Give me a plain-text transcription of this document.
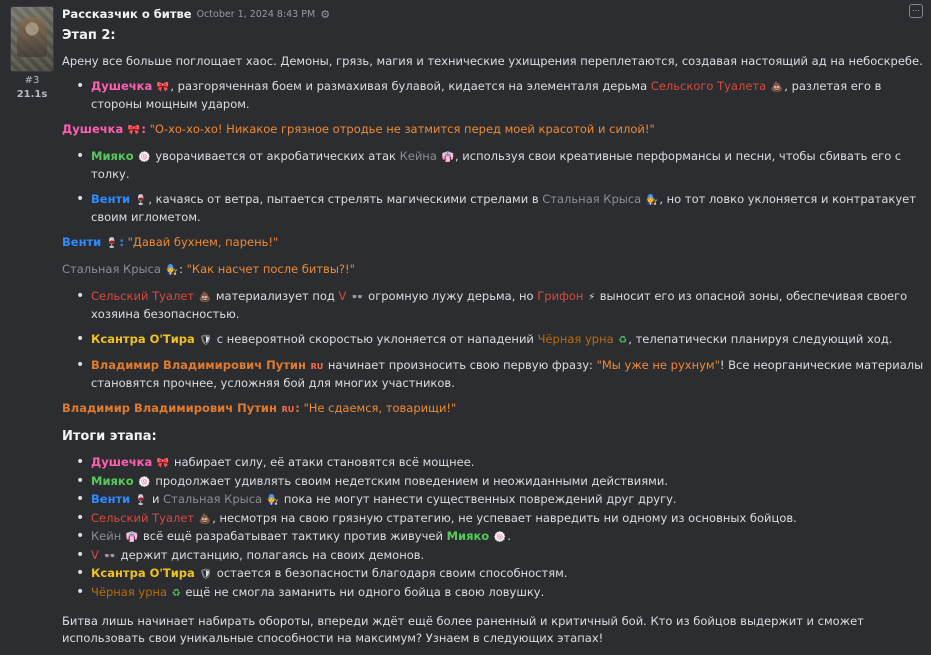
#3
21.1s
Рассказчик о битве October 1, 2024 8:43 PM ⚙	⋯
Этап 2:

Арену все больше поглощает хаос. Демоны, грязь, магия и технические ухищрения переплетаются, создавая настоящий ад на небоскребе.

• Душечка 🎀, разгоряченная боем и размахивая булавой, кидается на элементаля дерьма Сельского Туалета 💩, разлетая его в стороны мощным ударом.

Душечка 🎀: "О-хо-хо-хо! Никакое грязное отродье не затмится перед моей красотой и силой!"

• Мияко 🍥 уворачивается от акробатических атак Кейна 👘, используя свои креативные перформансы и песни, чтобы сбивать его с толку.
• Венти 🍷, качаясь от ветра, пытается стрелять магическими стрелами в Стальная Крыса 🧑‍🔧, но тот ловко уклоняется и контратакует своим иглометом.

Венти 🍷: "Давай бухнем, парень!"

Стальная Крыса 🧑‍🔧: "Как насчет после битвы?!"

• Сельский Туалет 💩 материализует под V 👓 огромную лужу дерьма, но Грифон ⚡ выносит его из опасной зоны, обеспечивая своего хозяина безопасностью.
• Ксантра О'Тира 🛡 с невероятной скоростью уклоняется от нападений Чёрная урна ♻, телепатически планируя следующий ход.
• Владимир Владимирович Путин RU начинает произносить свою первую фразу: "Мы уже не рухнум"! Все неорганические материалы становятся прочнее, усложняя бой для многих участников.

Владимир Владимирович Путин RU: "Не сдаемся, товарищи!"

Итоги этапа:
• Душечка 🎀 набирает силу, её атаки становятся всё мощнее.
• Мияко 🍥 продолжает удивлять своим недетским поведением и неожиданными действиями.
• Венти 🍷 и Стальная Крыса 🧑‍🔧 пока не могут нанести существенных повреждений друг другу.
• Сельский Туалет 💩, несмотря на свою грязную стратегию, не успевает навредить ни одному из основных бойцов.
• Кейн 👘 всё ещё разрабатывает тактику против живучей Мияко 🍥.
• V 👓 держит дистанцию, полагаясь на своих демонов.
• Ксантра О'Тира 🛡 остается в безопасности благодаря своим способностям.
• Чёрная урна ♻ ещё не смогла заманить ни одного бойца в свою ловушку.

Битва лишь начинает набирать обороты, впереди ждёт ещё более раненный и критичный бой. Кто из бойцов выдержит и сможет использовать свои уникальные способности на максимум? Узнаем в следующих этапах!
